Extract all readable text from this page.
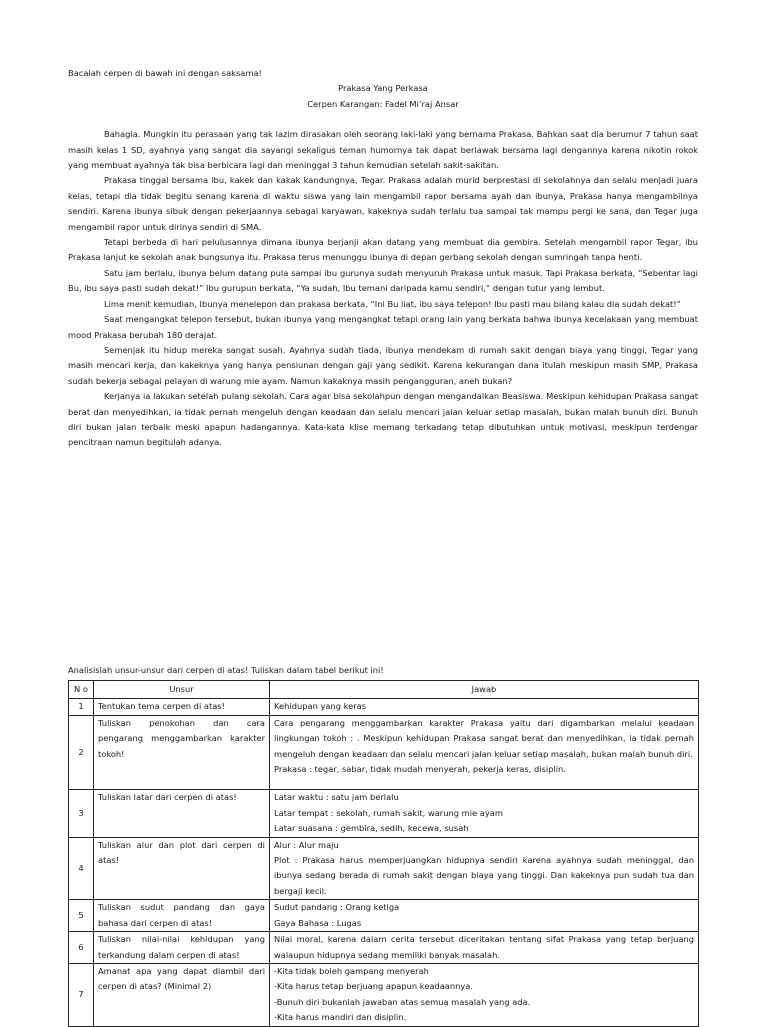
Bacalah cerpen di bawah ini dengan saksama!

Prakasa Yang Perkasa

Cerpen Karangan: Fadel Mi’raj Ansar

Bahagia. Mungkin itu perasaan yang tak lazim dirasakan oleh seorang laki-laki yang bernama Prakasa. Bahkan saat dia berumur 7 tahun saat masih kelas 1 SD, ayahnya yang sangat dia sayangi sekaligus teman humornya tak dapat berlawak bersama lagi dengannya karena nikotin rokok yang membuat ayahnya tak bisa berbicara lagi dan meninggal 3 tahun kemudian setelah sakit-sakitan.

Prakasa tinggal bersama ibu, kakek dan kakak kandungnya, Tegar. Prakasa adalah murid berprestasi di sekolahnya dan selalu menjadi juara kelas, tetapi dia tidak begitu senang karena di waktu siswa yang lain mengambil rapor bersama ayah dan ibunya, Prakasa hanya mengambilnya sendiri. Karena ibunya sibuk dengan pekerjaannya sebagai karyawan, kakeknya sudah terlalu tua sampai tak mampu pergi ke sana, dan Tegar juga mengambil rapor untuk dirinya sendiri di SMA.

Tetapi berbeda di hari pelulusannya dimana ibunya berjanji akan datang yang membuat dia gembira. Setelah mengambil rapor Tegar, ibu Prakasa lanjut ke sekolah anak bungsunya itu. Prakasa terus menunggu ibunya di depan gerbang sekolah dengan sumringah tanpa henti.

Satu jam berlalu, ibunya belum datang pula sampai ibu gurunya sudah menyuruh Prakasa untuk masuk. Tapi Prakasa berkata, “Sebentar lagi Bu, ibu saya pasti sudah dekat!” Ibu gurupun berkata, “Ya sudah, Ibu temani daripada kamu sendiri,” dengan tutur yang lembut.

Lima menit kemudian, Ibunya menelepon dan prakasa berkata, “Ini Bu liat, ibu saya telepon! Ibu pasti mau bilang kalau dia sudah dekat!”

Saat mengangkat telepon tersebut, bukan ibunya yang mengangkat tetapi orang lain yang berkata bahwa ibunya kecelakaan yang membuat mood Prakasa berubah 180 derajat.

Semenjak itu hidup mereka sangat susah. Ayahnya sudah tiada, ibunya mendekam di rumah sakit dengan biaya yang tinggi, Tegar yang masih mencari kerja, dan kakeknya yang hanya pensiunan dengan gaji yang sedikit. Karena kekurangan dana itulah meskipun masih SMP, Prakasa sudah bekerja sebagai pelayan di warung mie ayam. Namun kakaknya masih pengangguran, aneh bukan?

Kerjanya ia lakukan setelah pulang sekolah. Cara agar bisa sekolahpun dengan mengandalkan Beasiswa. Meskipun kehidupan Prakasa sangat berat dan menyedihkan, ia tidak pernah mengeluh dengan keadaan dan selalu mencari jalan keluar setiap masalah, bukan malah bunuh diri. Bunuh diri bukan jalan terbaik meski apapun hadangannya. Kata-kata klise memang terkadang tetap dibutuhkan untuk motivasi, meskipun terdengar pencitraan namun begitulah adanya.

Analisislah unsur-unsur dari cerpen di atas! Tuliskan dalam tabel berikut ini!

N o	Unsur	Jawab
1	Tentukan tema cerpen di atas!	Kehidupan yang keras

2	Tuliskan penokohan dan cara pengarang menggambarkan karakter tokoh!	Cara pengarang menggambarkan karakter Prakasa yaitu dari digambarkan melalui keadaan lingkungan tokoh : . Meskipun kehidupan Prakasa sangat berat dan menyedihkan, ia tidak pernah mengeluh dengan keadaan dan selalu mencari jalan keluar setiap masalah, bukan malah bunuh diri.
Prakasa : tegar, sabar, tidak mudah menyerah, pekerja keras, disiplin.

3	Tuliskan latar dari cerpen di atas!	Latar waktu : satu jam berlalu
Latar tempat : sekolah, rumah sakit, warung mie ayam
Latar suasana : gembira, sedih, kecewa, susah

4	Tuliskan alur dan plot dari cerpen di atas!	Alur : Alur maju
Plot : Prakasa harus memperjuangkan hidupnya sendiri karena ayahnya sudah meninggal, dan ibunya sedang berada di rumah sakit dengan biaya yang tinggi. Dan kakeknya pun sudah tua dan bergaji kecil.

5	Tuliskan sudut pandang dan gaya bahasa dari cerpen di atas!	Sudut pandang : Orang ketiga
Gaya Bahasa : Lugas

6	Tuliskan nilai-nilai kehidupan yang terkandung dalam cerpen di atas!	Nilai moral, karena dalam cerita tersebut diceritakan tentang sifat Prakasa yang tetap berjuang walaupun hidupnya sedang memiliki banyak masalah.

7	Amanat apa yang dapat diambil dari cerpen di atas? (Minimal 2)	-Kita tidak boleh gampang menyerah
-Kita harus tetap berjuang apapun keadaannya.
-Bunuh diri bukanlah jawaban atas semua masalah yang ada.
-Kita harus mandiri dan disiplin.
